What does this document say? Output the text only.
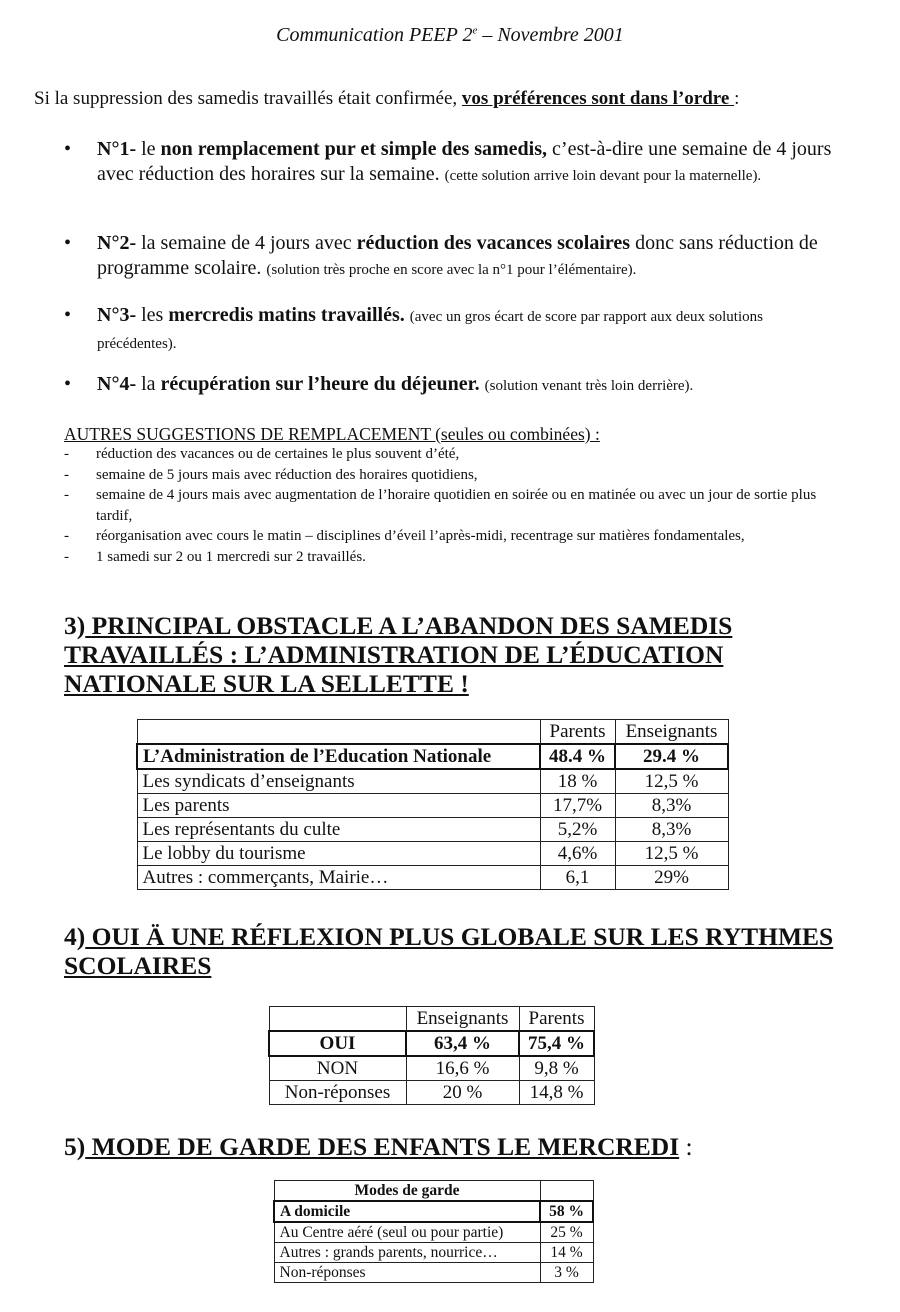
Communication PEEP 2e – Novembre 2001
Si la suppression des samedis travaillés était confirmée, vos préférences sont dans l’ordre :
• N°1- le non remplacement pur et simple des samedis, c’est-à-dire une semaine de 4 jours avec réduction des horaires sur la semaine. (cette solution arrive loin devant pour la maternelle).
• N°2- la semaine de 4 jours avec réduction des vacances scolaires donc sans réduction de programme scolaire. (solution très proche en score avec la n°1 pour l’élémentaire).
• N°3- les mercredis matins travaillés. (avec un gros écart de score par rapport aux deux solutions précédentes).
• N°4- la récupération sur l’heure du déjeuner. (solution venant très loin derrière).
AUTRES SUGGESTIONS DE REMPLACEMENT (seules ou combinées) :
- réduction des vacances ou de certaines le plus souvent d’été,
- semaine de 5 jours mais avec réduction des horaires quotidiens,
- semaine de 4 jours mais avec augmentation de l’horaire quotidien en soirée ou en matinée ou avec un jour de sortie plus tardif,
- réorganisation avec cours le matin – disciplines d’éveil l’après-midi, recentrage sur matières fondamentales,
- 1 samedi sur 2 ou 1 mercredi sur 2 travaillés.
3) PRINCIPAL OBSTACLE A L’ABANDON DES SAMEDIS TRAVAILLÉS : L’ADMINISTRATION DE L’ÉDUCATION NATIONALE SUR LA SELLETTE !
	Parents	Enseignants
L’Administration de l’Education Nationale	48.4 %	29.4 %
Les syndicats d’enseignants	18 %	12,5 %
Les parents	17,7%	8,3%
Les représentants du culte	5,2%	8,3%
Le lobby du tourisme	4,6%	12,5 %
Autres : commerçants, Mairie…	6,1	29%
4) OUI Ä UNE RÉFLEXION PLUS GLOBALE SUR LES RYTHMES SCOLAIRES
	Enseignants	Parents
OUI	63,4 %	75,4 %
NON	16,6 %	9,8 %
Non-réponses	20 %	14,8 %
5) MODE DE GARDE DES ENFANTS LE MERCREDI :
Modes de garde	
A domicile	58 %
Au Centre aéré (seul ou pour partie)	25 %
Autres : grands parents, nourrice…	14 %
Non-réponses	3 %
